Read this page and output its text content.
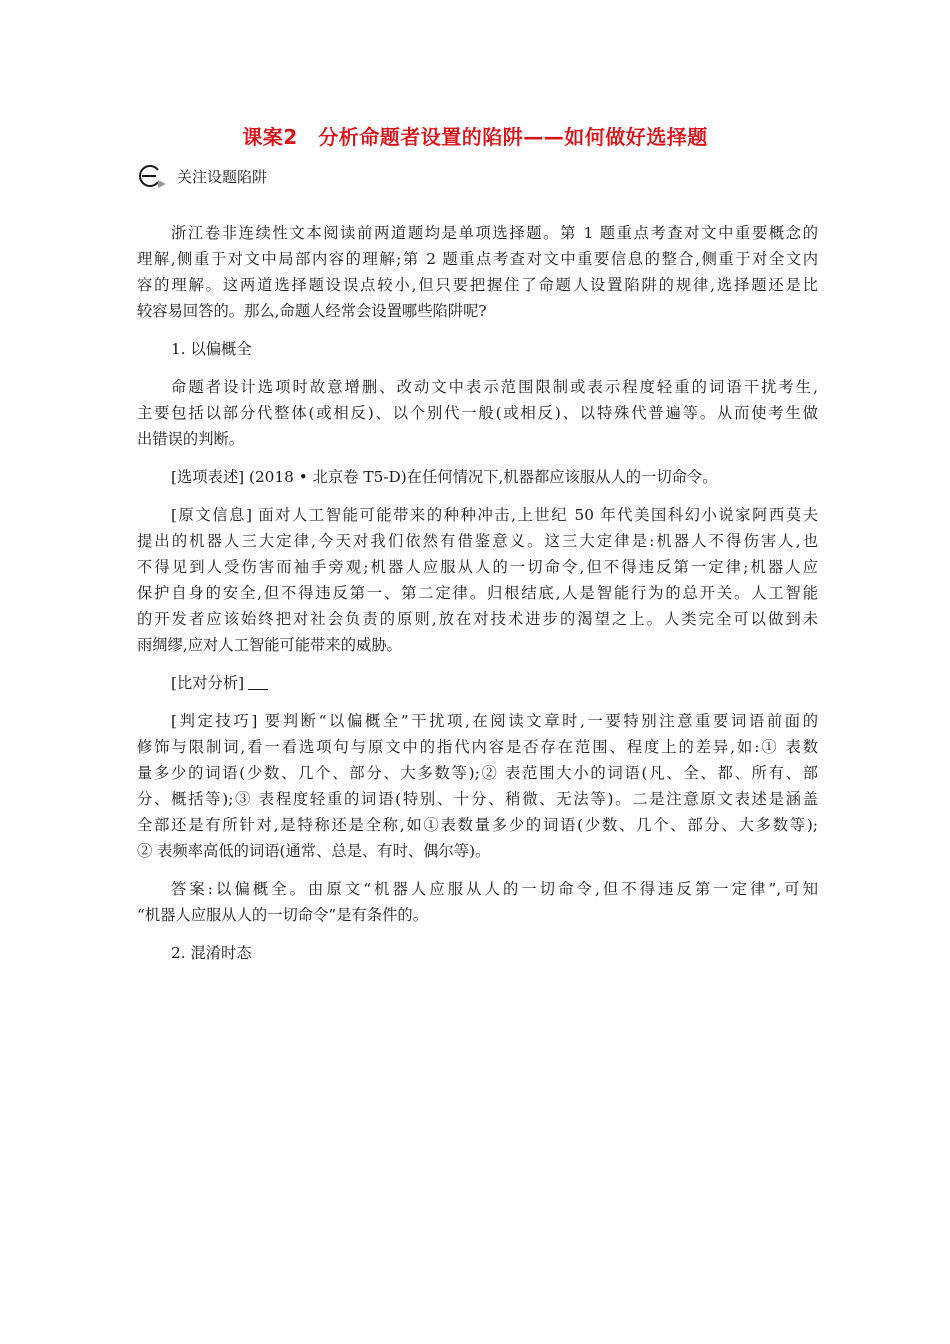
课案2　分析命题者设置的陷阱——如何做好选择题
关注设题陷阱
浙江卷非连续性文本阅读前两道题均是单项选择题。第 1 题重点考查对文中重要概念的
理解,侧重于对文中局部内容的理解;第 2 题重点考查对文中重要信息的整合,侧重于对全文内
容的理解。这两道选择题设误点较小,但只要把握住了命题人设置陷阱的规律,选择题还是比
较容易回答的。那么,命题人经常会设置哪些陷阱呢?
1. 以偏概全
命题者设计选项时故意增删、改动文中表示范围限制或表示程度轻重的词语干扰考生,
主要包括以部分代整体(或相反)、以个别代一般(或相反)、以特殊代普遍等。从而使考生做
出错误的判断。
[选项表述] (2018 • 北京卷 T5-D)在任何情况下,机器都应该服从人的一切命令。
[原文信息] 面对人工智能可能带来的种种冲击,上世纪 50 年代美国科幻小说家阿西莫夫
提出的机器人三大定律,今天对我们依然有借鉴意义。这三大定律是:机器人不得伤害人,也
不得见到人受伤害而袖手旁观;机器人应服从人的一切命令,但不得违反第一定律;机器人应
保护自身的安全,但不得违反第一、第二定律。归根结底,人是智能行为的总开关。人工智能
的开发者应该始终把对社会负责的原则,放在对技术进步的渴望之上。人类完全可以做到未
雨绸缪,应对人工智能可能带来的威胁。
[比对分析]
[判定技巧] 要判断“以偏概全”干扰项,在阅读文章时,一要特别注意重要词语前面的
修饰与限制词,看一看选项句与原文中的指代内容是否存在范围、程度上的差异,如:① 表数
量多少的词语(少数、几个、部分、大多数等);② 表范围大小的词语(凡、全、都、所有、部
分、概括等);③ 表程度轻重的词语(特别、十分、稍微、无法等)。二是注意原文表述是涵盖
全部还是有所针对,是特称还是全称,如①表数量多少的词语(少数、几个、部分、大多数等);
② 表频率高低的词语(通常、总是、有时、偶尔等)。
答案:以偏概全。由原文“机器人应服从人的一切命令,但不得违反第一定律”,可知
“机器人应服从人的一切命令”是有条件的。
2. 混淆时态
